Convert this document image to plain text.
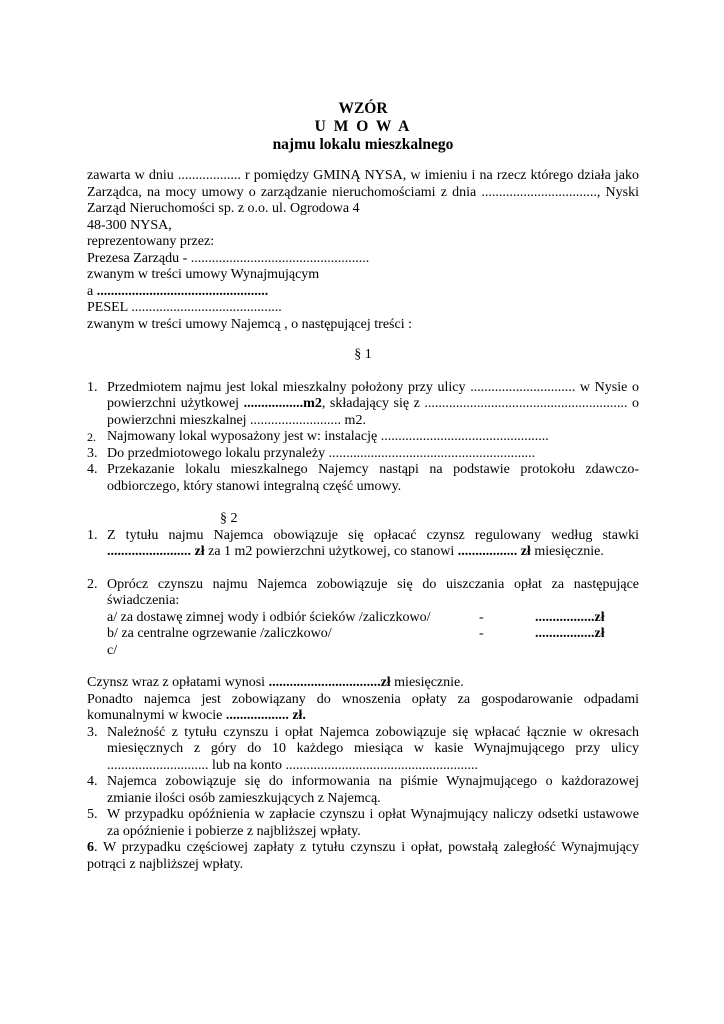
WZÓR
U M O W A
najmu lokalu mieszkalnego

zawarta w dniu .................. r pomiędzy GMINĄ NYSA, w imieniu i na rzecz którego działa jako Zarządca, na mocy umowy o zarządzanie nieruchomościami z dnia ................................., Nyski Zarząd Nieruchomości sp. z o.o. ul. Ogrodowa 4

48-300 NYSA,
reprezentowany przez:
Prezesa Zarządu - ...................................................
zwanym w treści umowy Wynajmującym
a .................................................
PESEL ...........................................
zwanym w treści umowy Najemcą , o następującej treści :
§ 1
1. Przedmiotem najmu jest lokal mieszkalny położony przy ulicy .............................. w Nysie o powierzchni użytkowej .................m2, składający się z .......................................................... o powierzchni mieszkalnej .......................... m2.
2. Najmowany lokal wyposażony jest w: instalację ................................................
3. Do przedmiotowego lokalu przynależy ...........................................................
4. Przekazanie lokalu mieszkalnego Najemcy nastąpi na podstawie protokołu zdawczo-odbiorczego, który stanowi integralną część umowy.
§ 2
1. Z tytułu najmu Najemca obowiązuje się opłacać czynsz regulowany według stawki ........................ zł za 1 m2 powierzchni użytkowej, co stanowi ................. zł miesięcznie.
2. Oprócz czynszu najmu Najemca zobowiązuje się do uiszczania opłat za następujące świadczenia:
a/ za dostawę zimnej wody i odbiór ścieków /zaliczkowo/	-	.................zł
b/ za centralne ogrzewanie /zaliczkowo/	-	.................zł
c/
Czynsz wraz z opłatami wynosi ................................zł miesięcznie.
Ponadto najemca jest zobowiązany do wnoszenia opłaty za gospodarowanie odpadami komunalnymi w kwocie .................. zł.
3. Należność z tytułu czynszu i opłat Najemca zobowiązuje się wpłacać łącznie w okresach miesięcznych z góry do 10 każdego miesiąca w kasie Wynajmującego przy ulicy ............................. lub na konto .......................................................
4. Najemca zobowiązuje się do informowania na piśmie Wynajmującego o każdorazowej zmianie ilości osób zamieszkujących z Najemcą.
5. W przypadku opóźnienia w zapłacie czynszu i opłat Wynajmujący naliczy odsetki ustawowe za opóźnienie i pobierze z najbliższej wpłaty.
6. W przypadku częściowej zapłaty z tytułu czynszu i opłat, powstałą zaległość Wynajmujący potrąci z najbliższej wpłaty.
